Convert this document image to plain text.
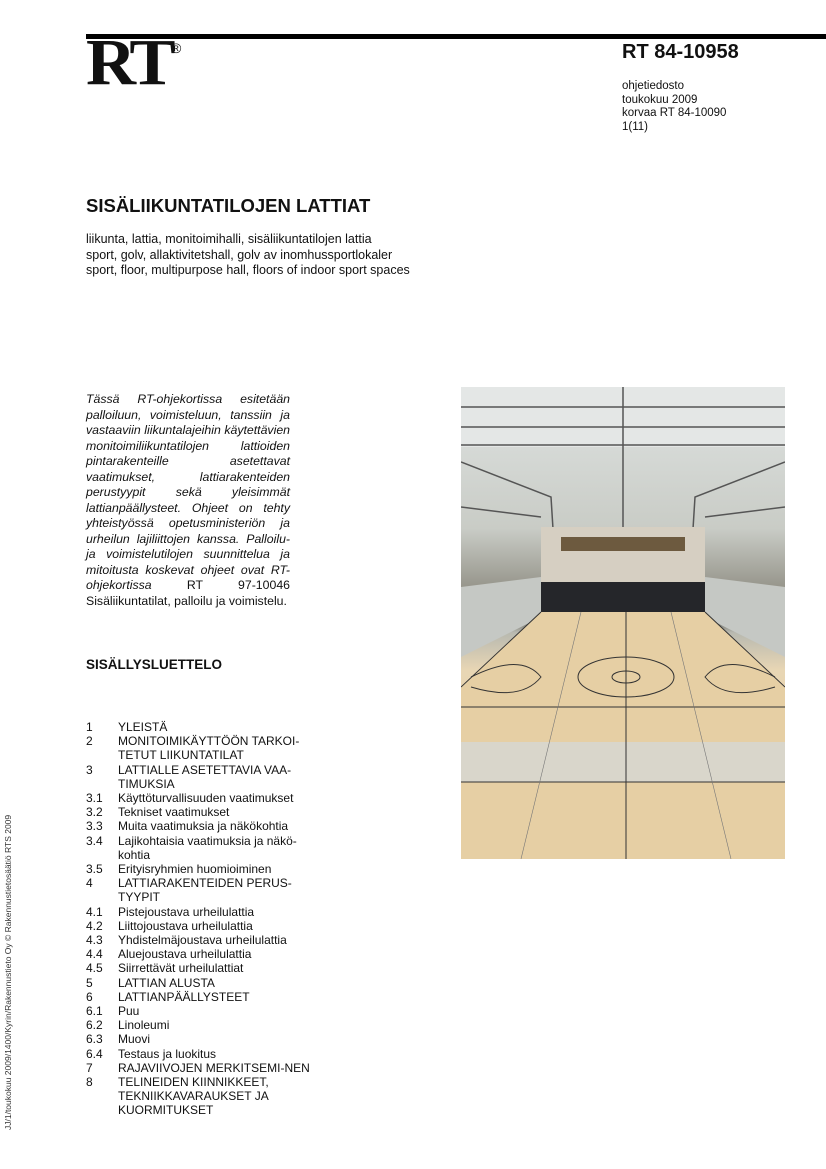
RT ®	RT 84-10958
ohjetiedosto
toukokuu 2009
korvaa RT 84-10090
1(11)
SISÄLIIKUNTATILOJEN LATTIAT
liikunta, lattia, monitoimihalli, sisäliikuntatilojen lattia
sport, golv, allaktivitetshall, golv av inomhussportlokaler
sport, floor, multipurpose hall, floors of indoor sport spaces
Tässä RT-ohjekortissa esitetään palloiluun, voimisteluun, tanssiin ja vastaaviin liikuntalajeihin käytettävien monitoimiliikuntatilojen lattioiden pintarakenteille asetettavat vaatimukset, lattiarakenteiden perustyypit sekä yleisimmät lattianpäällysteet. Ohjeet on tehty yhteistyössä opetusministeriön ja urheilun lajiliittojen kanssa. Palloilu- ja voimistelutilojen suunnittelua ja mitoitusta koskevat ohjeet ovat RT-ohjekortissa RT 97-10046 Sisäliikuntatilat, palloilu ja voimistelu.
SISÄLLYSLUETTELO
1	YLEISTÄ
2	MONITOIMIKÄYTTÖÖN TARKOI-TETUT LIIKUNTATILAT
3	LATTIALLE ASETETTAVIA VAA-TIMUKSIA
3.1	Käyttöturvallisuuden vaatimukset
3.2	Tekniset vaatimukset
3.3	Muita vaatimuksia ja näkökohtia
3.4	Lajikohtaisia vaatimuksia ja näkö-kohtia
3.5	Erityisryhmien huomioiminen
4	LATTIARAKENTEIDEN PERUS-TYYPIT
4.1	Pistejoustava urheilulattia
4.2	Liittojoustava urheilulattia
4.3	Yhdistelmäjoustava urheilulattia
4.4	Aluejoustava urheilulattia
4.5	Siirrettävät urheilulattiat
5	LATTIAN ALUSTA
6	LATTIANPÄÄLLYSTEET
6.1	Puu
6.2	Linoleumi
6.3	Muovi
6.4	Testaus ja luokitus
7	RAJAVIIVOJEN MERKITSEMI-NEN
8	TELINEIDEN KIINNIKKEET, TEKNIIKKAVARAUKSET JA KUORMITUKSET
JJ/1/toukokuu 2009/1400/Kyrin/Rakennustieto Oy © Rakennustietosäätiö RTS 2009
